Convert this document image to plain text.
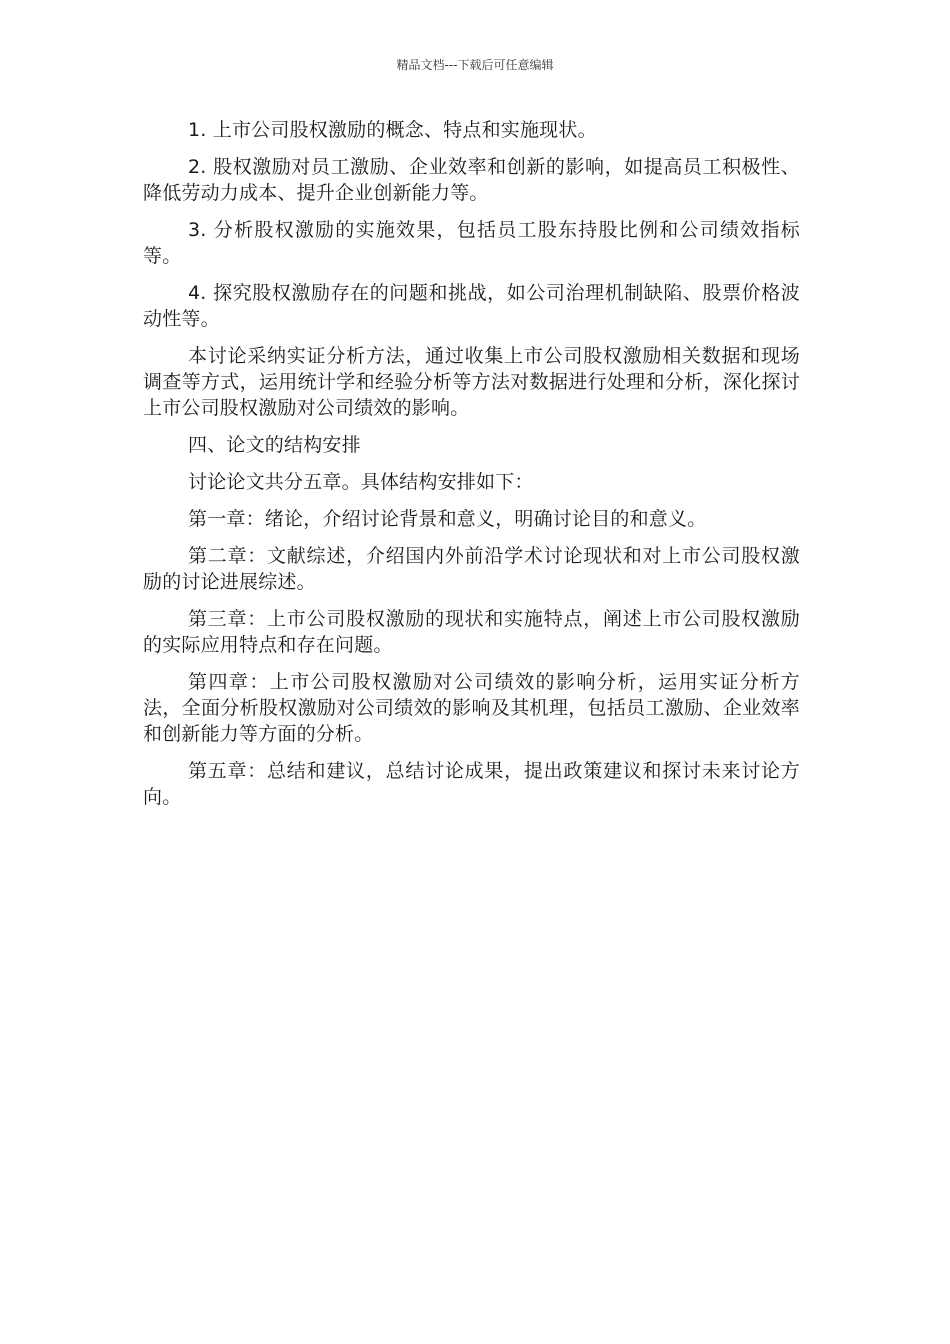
精品文档---下载后可任意编辑

1. 上市公司股权激励的概念、特点和实施现状。

2. 股权激励对员工激励、企业效率和创新的影响，如提高员工积极性、降低劳动力成本、提升企业创新能力等。

3. 分析股权激励的实施效果，包括员工股东持股比例和公司绩效指标等。

4. 探究股权激励存在的问题和挑战，如公司治理机制缺陷、股票价格波动性等。

本讨论采纳实证分析方法，通过收集上市公司股权激励相关数据和现场调查等方式，运用统计学和经验分析等方法对数据进行处理和分析，深化探讨上市公司股权激励对公司绩效的影响。

四、论文的结构安排

讨论论文共分五章。具体结构安排如下：

第一章：绪论，介绍讨论背景和意义，明确讨论目的和意义。

第二章：文献综述，介绍国内外前沿学术讨论现状和对上市公司股权激励的讨论进展综述。

第三章：上市公司股权激励的现状和实施特点，阐述上市公司股权激励的实际应用特点和存在问题。

第四章：上市公司股权激励对公司绩效的影响分析，运用实证分析方法，全面分析股权激励对公司绩效的影响及其机理，包括员工激励、企业效率和创新能力等方面的分析。

第五章：总结和建议，总结讨论成果，提出政策建议和探讨未来讨论方向。
